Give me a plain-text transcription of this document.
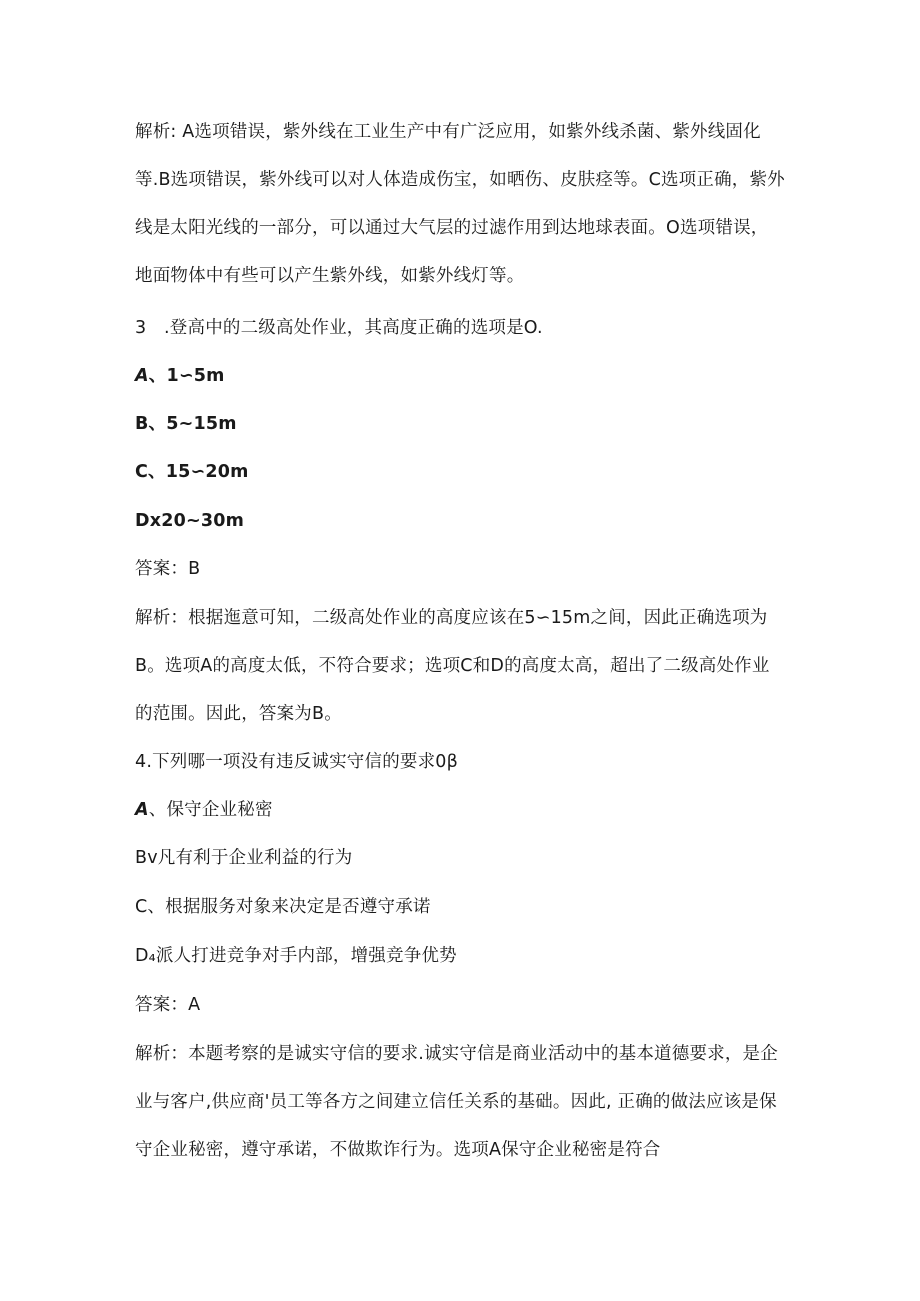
解析: A选项错误，紫外线在工业生产中有广泛应用，如紫外线杀菌、紫外线固化等.B选项错误，紫外线可以对人体造成伤宝，如晒伤、皮肤痉等。C选项正确，紫外线是太阳光线的一部分，可以通过大气层的过滤作用到达地球表面。O选项错误，地面物体中有些可以产生紫外线，如紫外线灯等。

3　.登高中的二级高处作业，其高度正确的选项是O.

A、1∽5m

B、5~15m

C、15∽20m

Dx20~30m

答案：B

解析：根据迤意可知，二级高处作业的高度应该在5∽15m之间，因此正确选项为B。选项A的高度太低，不符合要求；选项C和D的高度太高，超出了二级高处作业的范围。因此，答案为B。

4.下列哪一项没有违反诚实守信的要求0β

A、保守企业秘密

Bv凡有利于企业利益的行为

C、根据服务对象来决定是否遵守承诺

D₄派人打进竞争对手内部，增强竞争优势

答案：A

解析：本题考察的是诚实守信的要求.诚实守信是商业活动中的基本道德要求，是企业与客户,供应商'员工等各方之间建立信任关系的基础。因此, 正确的做法应该是保守企业秘密，遵守承诺，不做欺诈行为。选项A保守企业秘密是符合
